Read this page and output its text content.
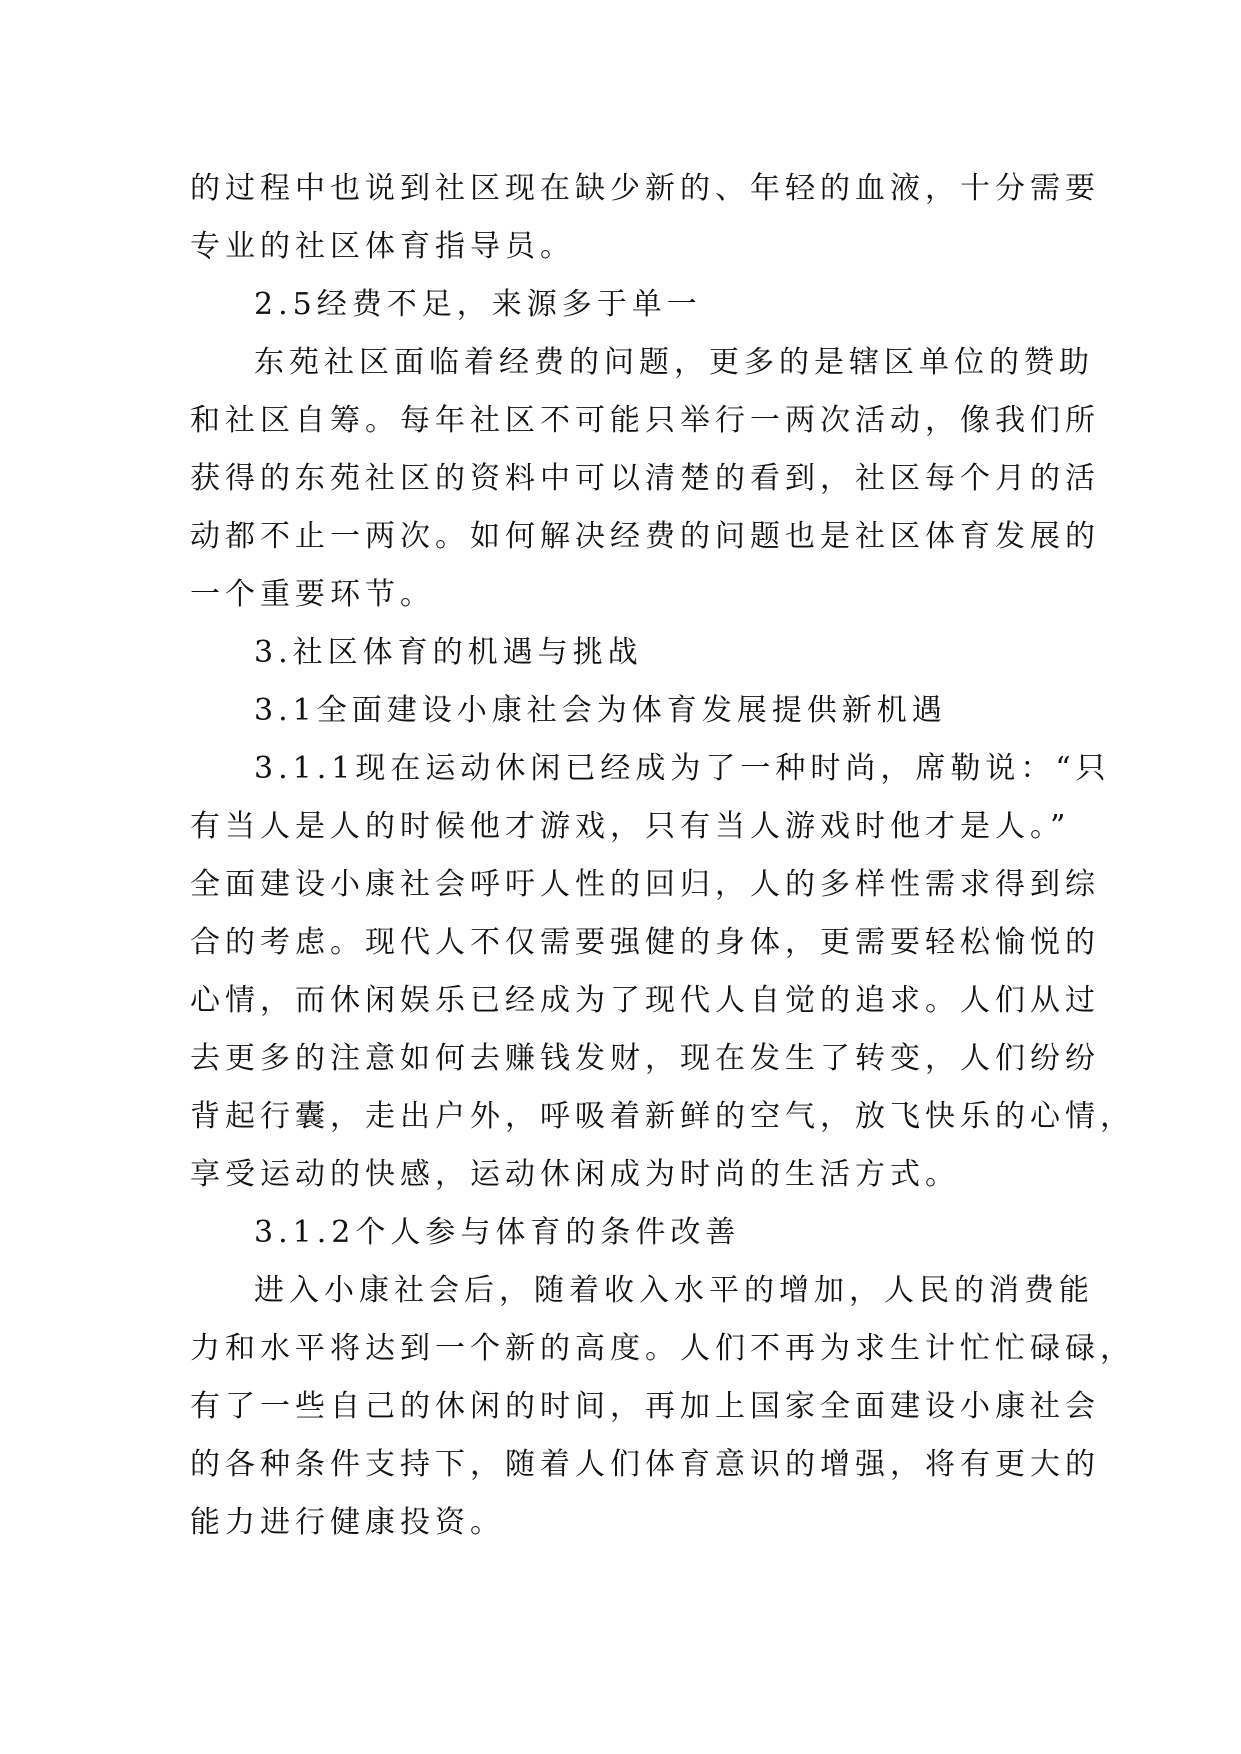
的过程中也说到社区现在缺少新的、年轻的血液，十分需要
专业的社区体育指导员。
2.5经费不足，来源多于单一
东苑社区面临着经费的问题，更多的是辖区单位的赞助
和社区自筹。每年社区不可能只举行一两次活动，像我们所
获得的东苑社区的资料中可以清楚的看到，社区每个月的活
动都不止一两次。如何解决经费的问题也是社区体育发展的
一个重要环节。
3.社区体育的机遇与挑战
3.1全面建设小康社会为体育发展提供新机遇
3.1.1现在运动休闲已经成为了一种时尚，席勒说：“只
有当人是人的时候他才游戏，只有当人游戏时他才是人。”
全面建设小康社会呼吁人性的回归，人的多样性需求得到综
合的考虑。现代人不仅需要强健的身体，更需要轻松愉悦的
心情，而休闲娱乐已经成为了现代人自觉的追求。人们从过
去更多的注意如何去赚钱发财，现在发生了转变，人们纷纷
背起行囊，走出户外，呼吸着新鲜的空气，放飞快乐的心情，
享受运动的快感，运动休闲成为时尚的生活方式。
3.1.2个人参与体育的条件改善
进入小康社会后，随着收入水平的增加，人民的消费能
力和水平将达到一个新的高度。人们不再为求生计忙忙碌碌，
有了一些自己的休闲的时间，再加上国家全面建设小康社会
的各种条件支持下，随着人们体育意识的增强，将有更大的
能力进行健康投资。
